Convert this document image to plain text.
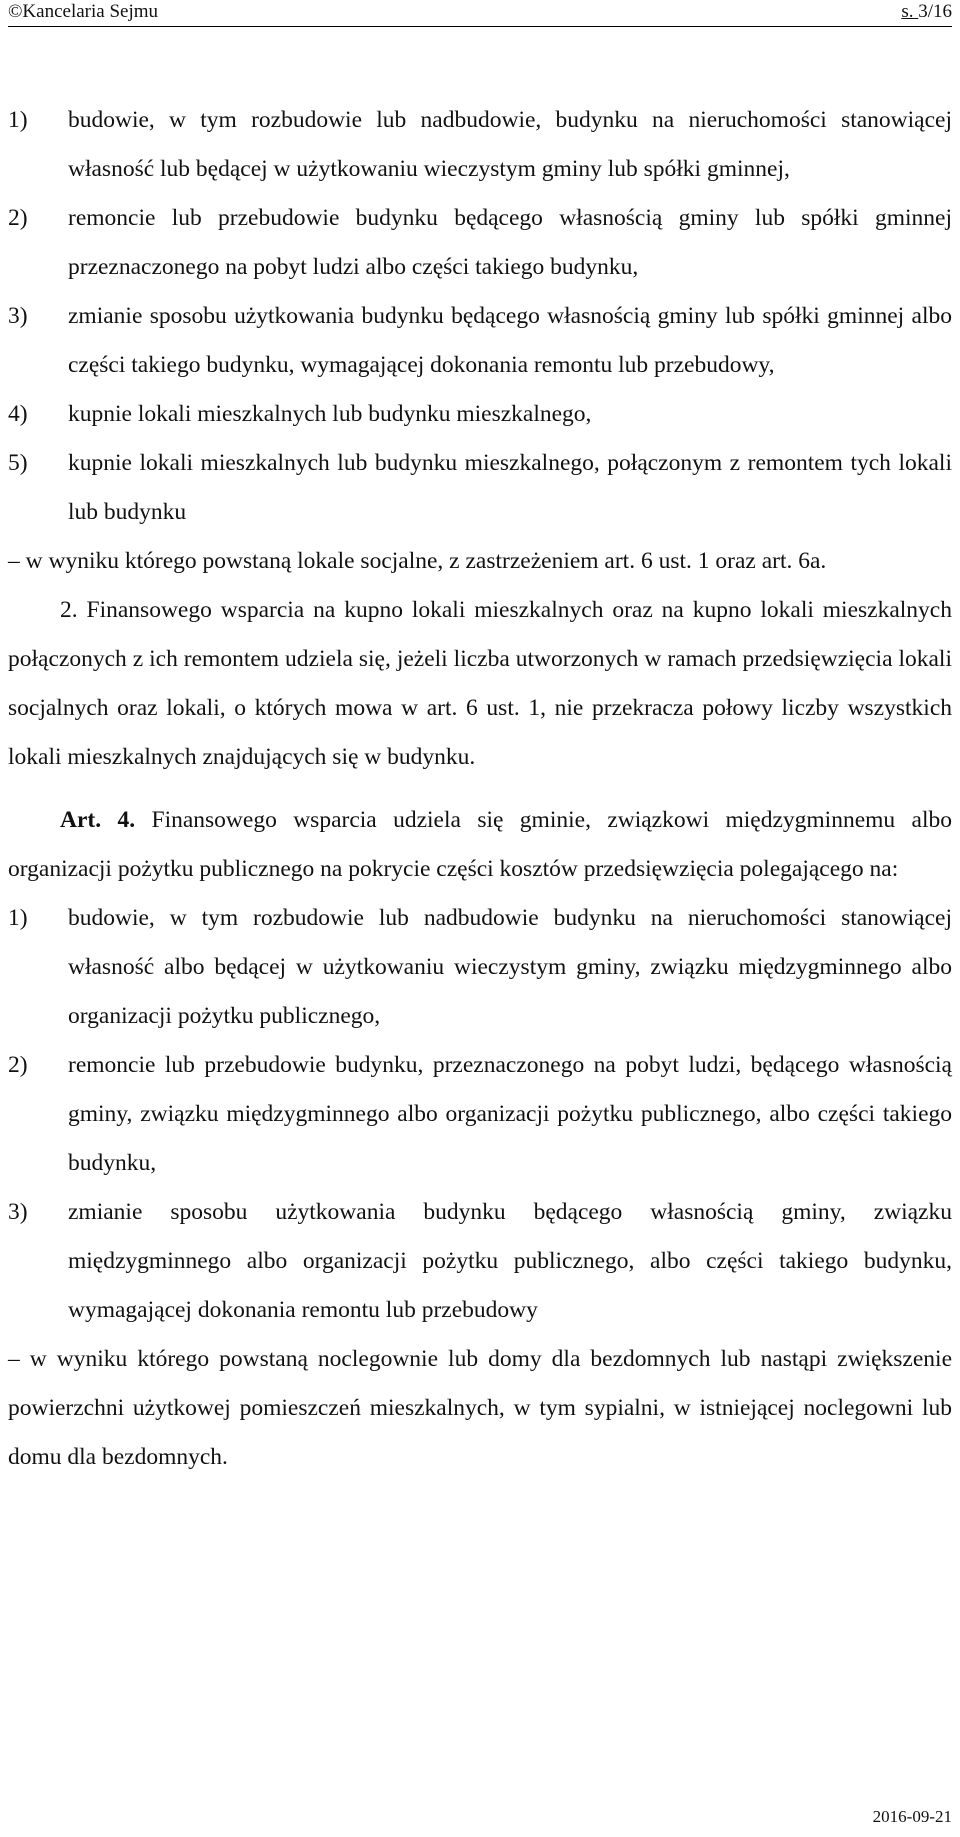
©Kancelaria Sejmu	s. 3/16
1)	budowie, w tym rozbudowie lub nadbudowie, budynku na nieruchomości stanowiącej własność lub będącej w użytkowaniu wieczystym gminy lub spółki gminnej,
2)	remoncie lub przebudowie budynku będącego własnością gminy lub spółki gminnej przeznaczonego na pobyt ludzi albo części takiego budynku,
3)	zmianie sposobu użytkowania budynku będącego własnością gminy lub spółki gminnej albo części takiego budynku, wymagającej dokonania remontu lub przebudowy,
4)	kupnie lokali mieszkalnych lub budynku mieszkalnego,
5)	kupnie lokali mieszkalnych lub budynku mieszkalnego, połączonym z remontem tych lokali lub budynku
– w wyniku którego powstaną lokale socjalne, z zastrzeżeniem art. 6 ust. 1 oraz art. 6a.
2. Finansowego wsparcia na kupno lokali mieszkalnych oraz na kupno lokali mieszkalnych połączonych z ich remontem udziela się, jeżeli liczba utworzonych w ramach przedsięwzięcia lokali socjalnych oraz lokali, o których mowa w art. 6 ust. 1, nie przekracza połowy liczby wszystkich lokali mieszkalnych znajdujących się w budynku.
Art. 4. Finansowego wsparcia udziela się gminie, związkowi międzygminnemu albo organizacji pożytku publicznego na pokrycie części kosztów przedsięwzięcia polegającego na:
1)	budowie, w tym rozbudowie lub nadbudowie budynku na nieruchomości stanowiącej własność albo będącej w użytkowaniu wieczystym gminy, związku międzygminnego albo organizacji pożytku publicznego,
2)	remoncie lub przebudowie budynku, przeznaczonego na pobyt ludzi, będącego własnością gminy, związku międzygminnego albo organizacji pożytku publicznego, albo części takiego budynku,
3)	zmianie sposobu użytkowania budynku będącego własnością gminy, związku międzygminnego albo organizacji pożytku publicznego, albo części takiego budynku, wymagającej dokonania remontu lub przebudowy
– w wyniku którego powstaną noclegownie lub domy dla bezdomnych lub nastąpi zwiększenie powierzchni użytkowej pomieszczeń mieszkalnych, w tym sypialni, w istniejącej noclegowni lub domu dla bezdomnych.
2016-09-21
